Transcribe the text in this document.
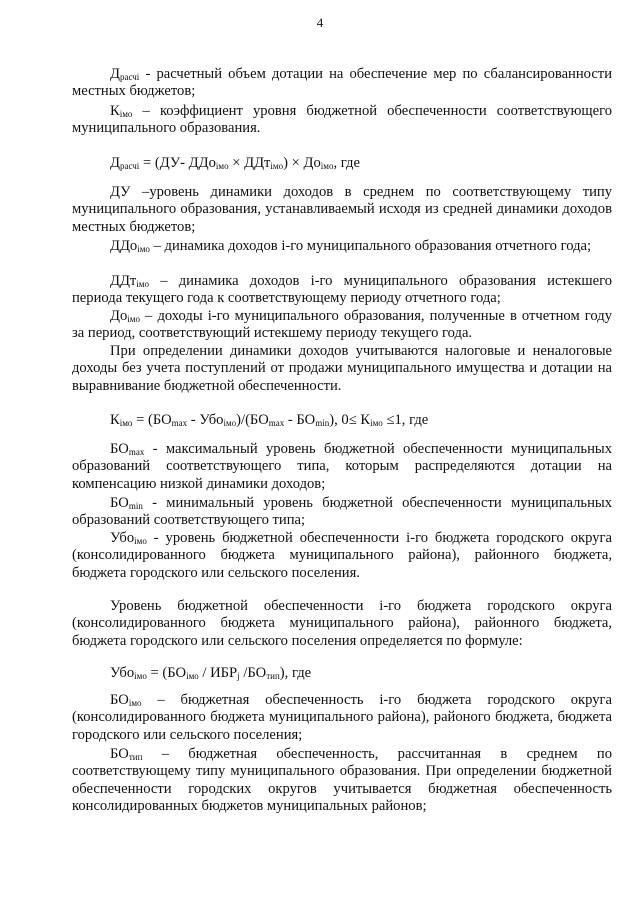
4

$Д_{расчi}$ - расчетный объем дотации на обеспечение мер по сбалансированности местных бюджетов;

$К_{iмо}$ – коэффициент уровня бюджетной обеспеченности соответствующего муниципального образования.

$Д_{расчi} = (ДУ-$ $ДДо_{iмо} \times ДДт_{iмо}) \times До_{iмо}$, где

ДУ –уровень динамики доходов в среднем по соответствующему типу муниципального образования, устанавливаемый исходя из средней динамики доходов местных бюджетов;

ДДо$_{iмо}$ – динамика доходов i-го муниципального образования отчетного года;

ДДт$_{iмо}$ – динамика доходов i-го муниципального образования истекшего периода текущего года к соответствующему периоду отчетного года;

$До_{iмо}$ – доходы i-го муниципального образования, полученные в отчетном году за период, соответствующий истекшему периоду текущего года.

При определении динамики доходов учитываются налоговые и неналоговые доходы без учета поступлений от продажи муниципального имущества и дотации на выравнивание бюджетной обеспеченности.

$К_{iмо} = (БО_{max} - Убо_{iмо})/(БО_{max} - БО_{min})$, $0\le К_{iмо} \le 1$, где

$БО_{max}$ - максимальный уровень бюджетной обеспеченности муниципальных образований соответствующего типа, которым распределяются дотации на компенсацию низкой динамики доходов;

$БО_{min}$ - минимальный уровень бюджетной обеспеченности муниципальных образований соответствующего типа;

Убо$_{iмо}$ - уровень бюджетной обеспеченности i-го бюджета городского округа (консолидированного бюджета муниципального района), районного бюджета, бюджета городского или сельского поселения.

Уровень бюджетной обеспеченности i-го бюджета городского округа (консолидированного бюджета муниципального района), районного бюджета, бюджета городского или сельского поселения определяется по формуле:

$Убо_{iмо} = (БО_{iмо} / ИБР_j$ $/БО_{тип}$), где

$БО_{iмо}$ – бюджетная обеспеченность i-го бюджета городского округа (консолидированного бюджета муниципального района), районого бюджета, бюджета городского или сельского поселения;

$БО_{тип}$ – бюджетная обеспеченность, рассчитанная в среднем по соответствующему типу муниципального образования. При определении бюджетной обеспеченности городских округов учитывается бюджетная обеспеченность консолидированных бюджетов муниципальных районов;
